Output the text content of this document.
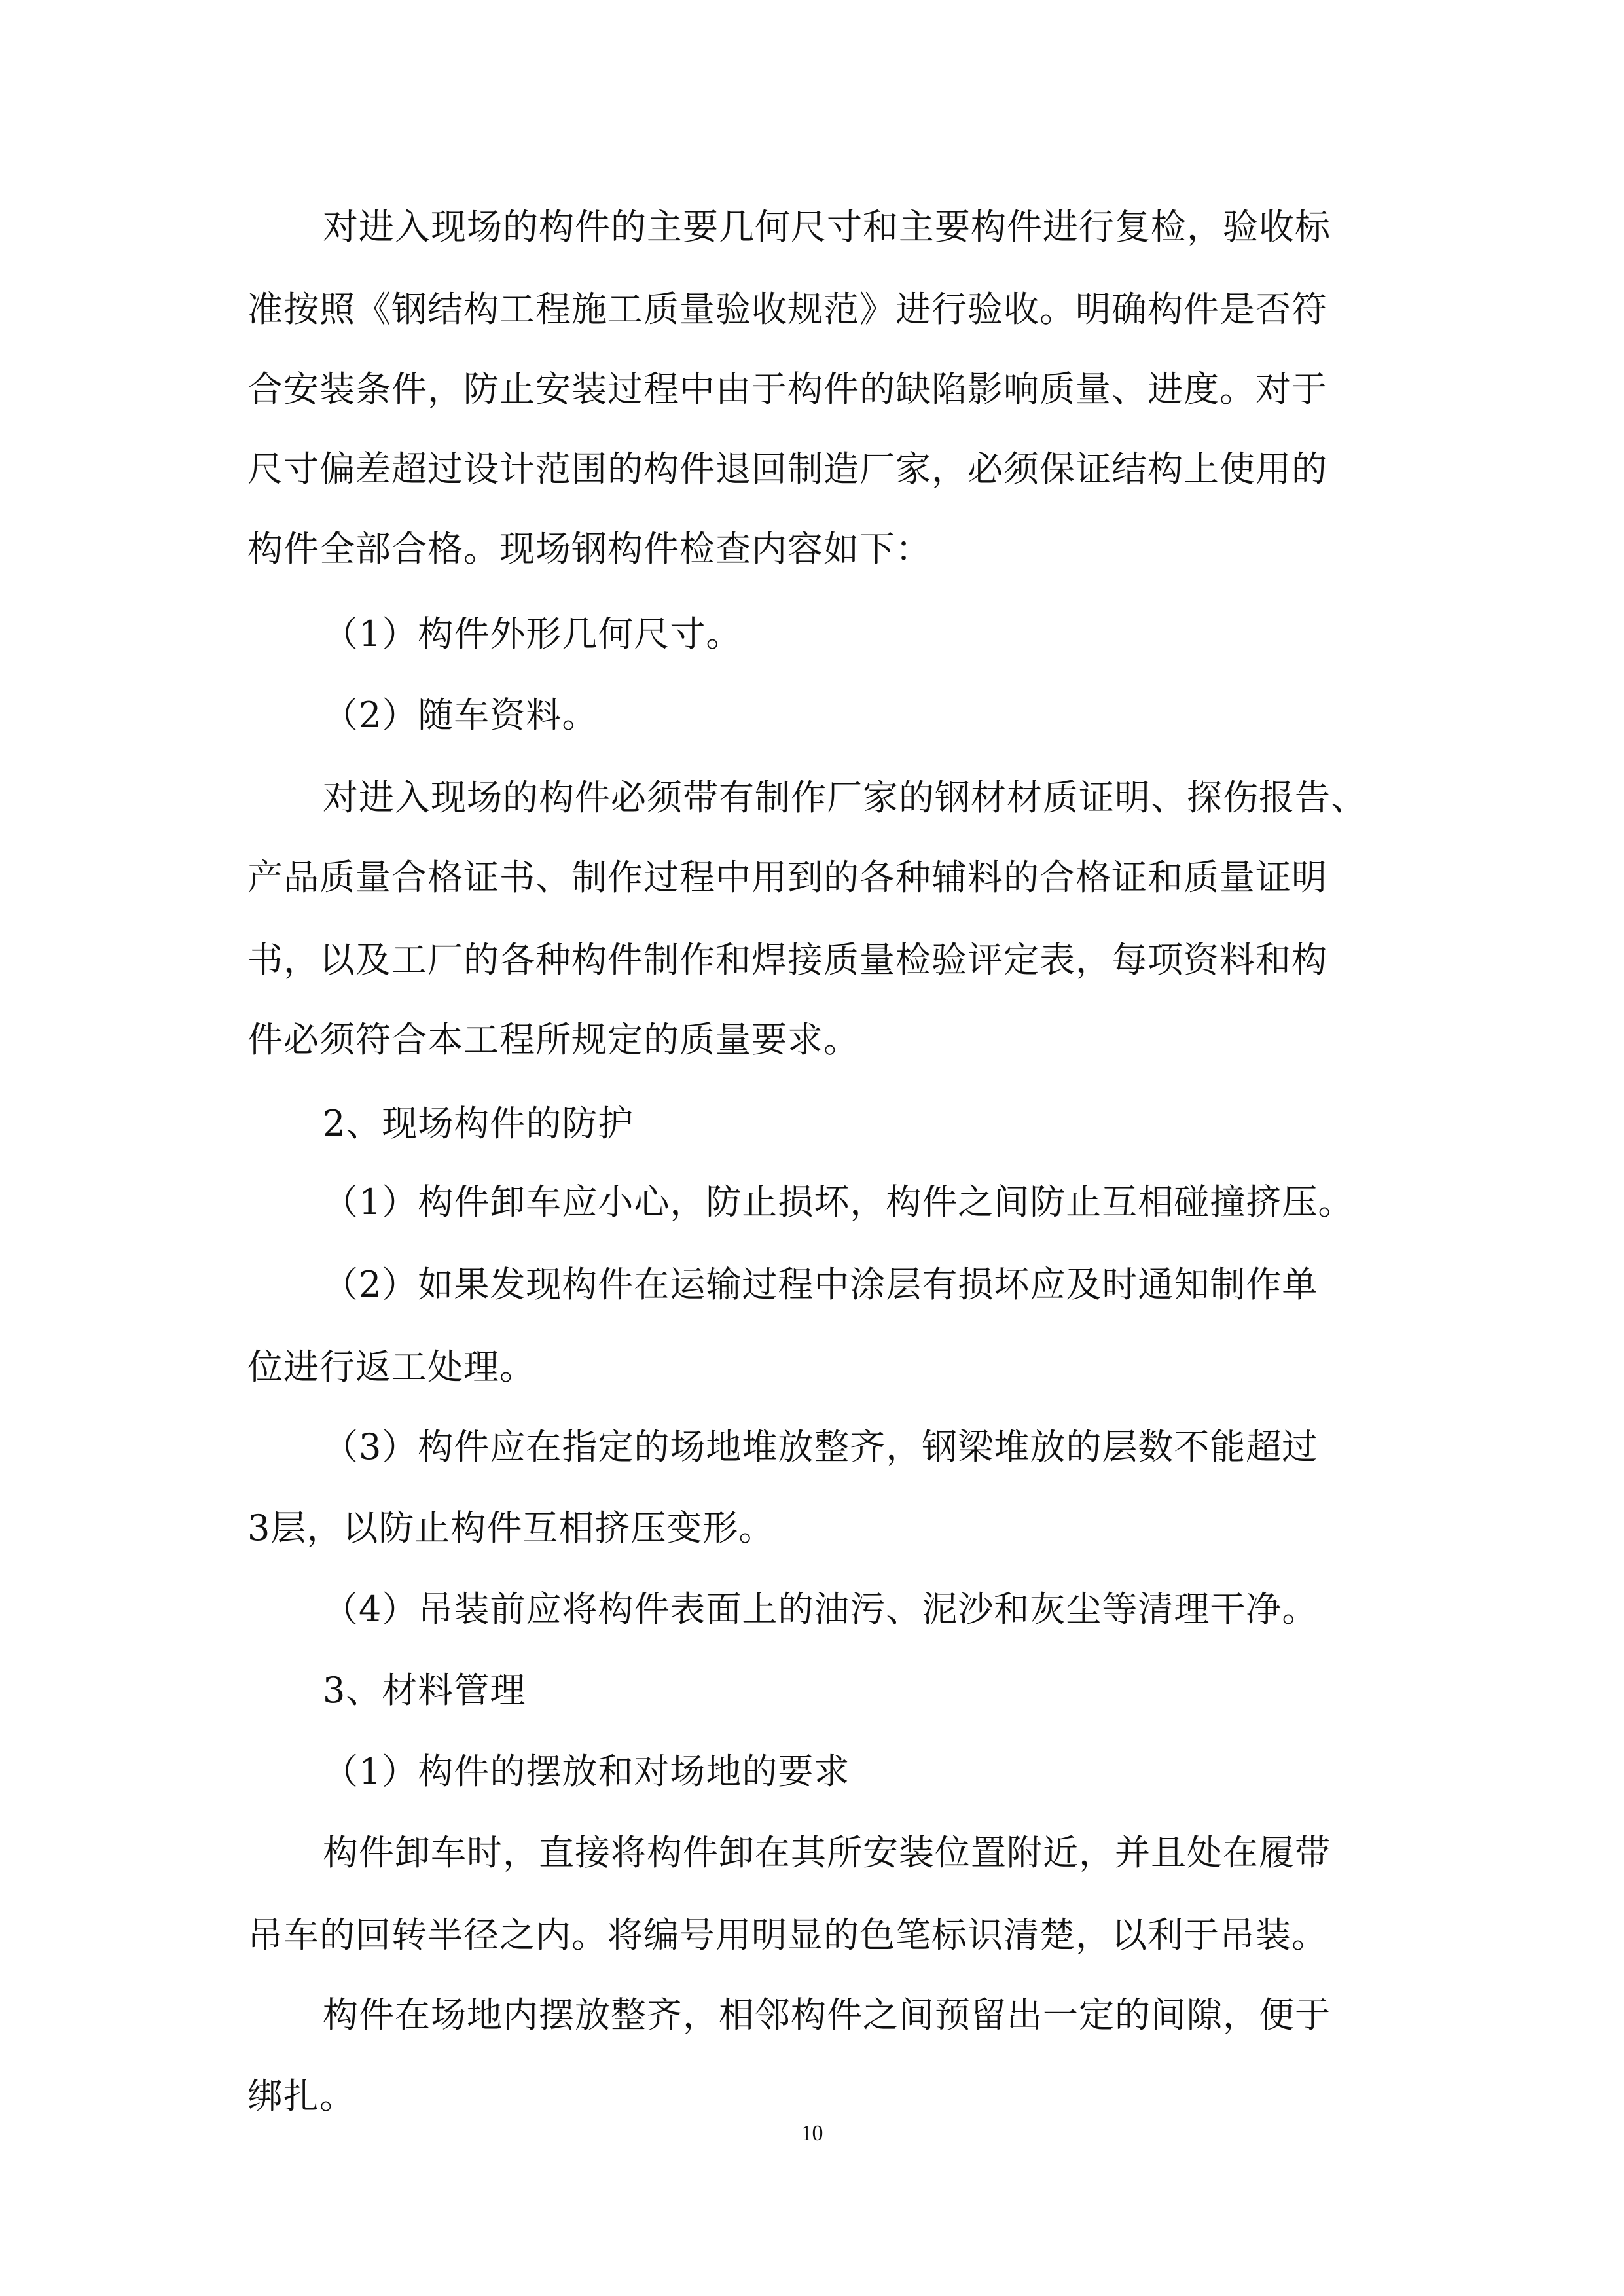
对进入现场的构件的主要几何尺寸和主要构件进行复检，验收标
准按照《钢结构工程施工质量验收规范》进行验收。明确构件是否符
合安装条件，防止安装过程中由于构件的缺陷影响质量、进度。对于
尺寸偏差超过设计范围的构件退回制造厂家，必须保证结构上使用的
构件全部合格。现场钢构件检查内容如下：
（1）构件外形几何尺寸。
（2）随车资料。
对进入现场的构件必须带有制作厂家的钢材材质证明、探伤报告、
产品质量合格证书、制作过程中用到的各种辅料的合格证和质量证明
书，以及工厂的各种构件制作和焊接质量检验评定表，每项资料和构
件必须符合本工程所规定的质量要求。
2、现场构件的防护
（1）构件卸车应小心，防止损坏，构件之间防止互相碰撞挤压。
（2）如果发现构件在运输过程中涂层有损坏应及时通知制作单
位进行返工处理。
（3）构件应在指定的场地堆放整齐，钢梁堆放的层数不能超过
3层，以防止构件互相挤压变形。
（4）吊装前应将构件表面上的油污、泥沙和灰尘等清理干净。
3、材料管理
（1）构件的摆放和对场地的要求
构件卸车时，直接将构件卸在其所安装位置附近，并且处在履带
吊车的回转半径之内。将编号用明显的色笔标识清楚，以利于吊装。
构件在场地内摆放整齐，相邻构件之间预留出一定的间隙，便于
绑扎。
10
